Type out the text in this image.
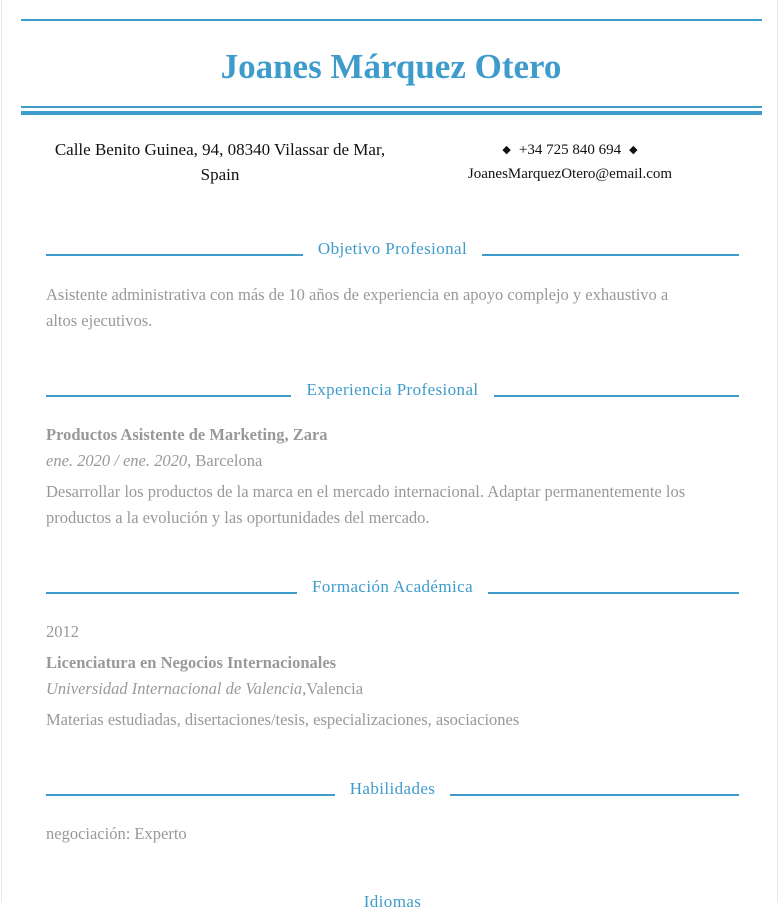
Joanes Márquez Otero
Calle Benito Guinea, 94, 08340 Vilassar de Mar,
Spain
◆ +34 725 840 694 ◆
JoanesMarquezOtero@email.com
Objetivo Profesional
Asistente administrativa con más de 10 años de experiencia en apoyo complejo y exhaustivo a
altos ejecutivos.
Experiencia Profesional
Productos Asistente de Marketing, Zara
ene. 2020 / ene. 2020, Barcelona
Desarrollar los productos de la marca en el mercado internacional. Adaptar permanentemente los
productos a la evolución y las oportunidades del mercado.
Formación Académica
2012
Licenciatura en Negocios Internacionales
Universidad Internacional de Valencia,Valencia
Materias estudiadas, disertaciones/tesis, especializaciones, asociaciones
Habilidades
negociación: Experto
Idiomas
